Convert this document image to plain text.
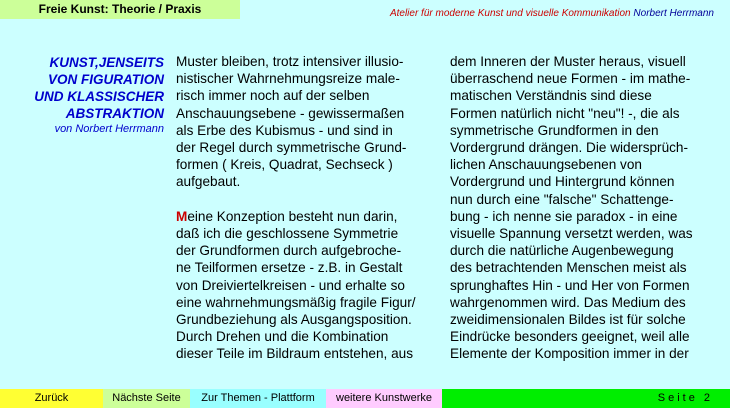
Freie Kunst: Theorie / Praxis	Atelier für moderne Kunst und visuelle Kommunikation Norbert Herrmann
KUNST,JENSEITS
VON FIGURATION
UND KLASSISCHER
ABSTRAKTION
von Norbert Herrmann
Muster bleiben, trotz intensiver illusio-
nistischer Wahrnehmungsreize male-
risch immer noch auf der selben
Anschauungsebene - gewissermaßen
als Erbe des Kubismus - und sind in
der Regel durch symmetrische Grund-
formen ( Kreis, Quadrat, Sechseck )
aufgebaut.
Meine Konzeption besteht nun darin,
daß ich die geschlossene Symmetrie
der Grundformen durch aufgebroche-
ne Teilformen ersetze - z.B. in Gestalt
von Dreiviertelkreisen - und erhalte so
eine wahrnehmungsmäßig fragile Figur/
Grundbeziehung als Ausgangsposition.
Durch Drehen und die Kombination
dieser Teile im Bildraum entstehen, aus
dem Inneren der Muster heraus, visuell
überraschend neue Formen - im mathe-
matischen Verständnis sind diese
Formen natürlich nicht "neu"! -, die als
symmetrische Grundformen in den
Vordergrund drängen. Die widersprüch-
lichen Anschauungsebenen von
Vordergrund und Hintergrund können
nun durch eine "falsche" Schattenge-
bung - ich nenne sie paradox - in eine
visuelle Spannung versetzt werden, was
durch die natürliche Augenbewegung
des betrachtenden Menschen meist als
sprunghaftes Hin - und Her von Formen
wahrgenommen wird. Das Medium des
zweidimensionalen Bildes ist für solche
Eindrücke besonders geeignet, weil alle
Elemente der Komposition immer in der
Zurück	Nächste Seite	Zur Themen - Plattform	weitere Kunstwerke	Seite 2
